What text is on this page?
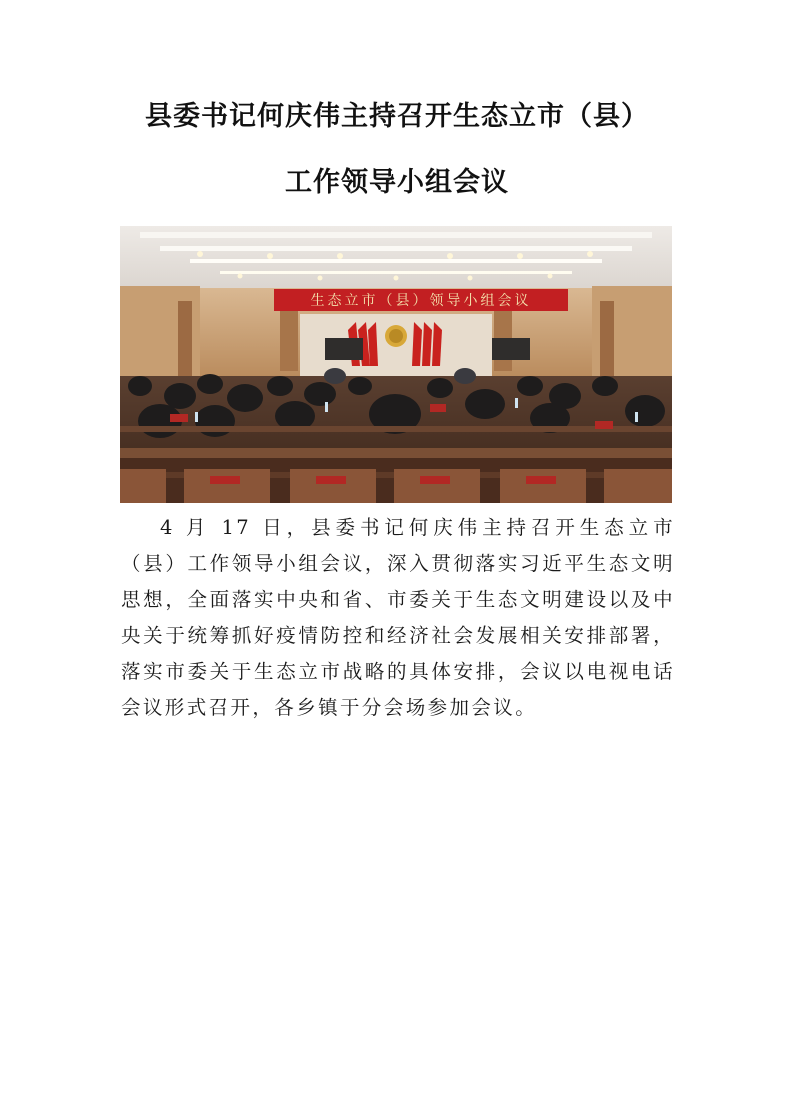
县委书记何庆伟主持召开生态立市（县）
工作领导小组会议
生态立市（县）领导小组会议

4 月 17 日，县委书记何庆伟主持召开生态立市（县）工作领导小组会议，深入贯彻落实习近平生态文明思想，全面落实中央和省、市委关于生态文明建设以及中央关于统筹抓好疫情防控和经济社会发展相关安排部署，落实市委关于生态立市战略的具体安排，会议以电视电话会议形式召开，各乡镇于分会场参加会议。
